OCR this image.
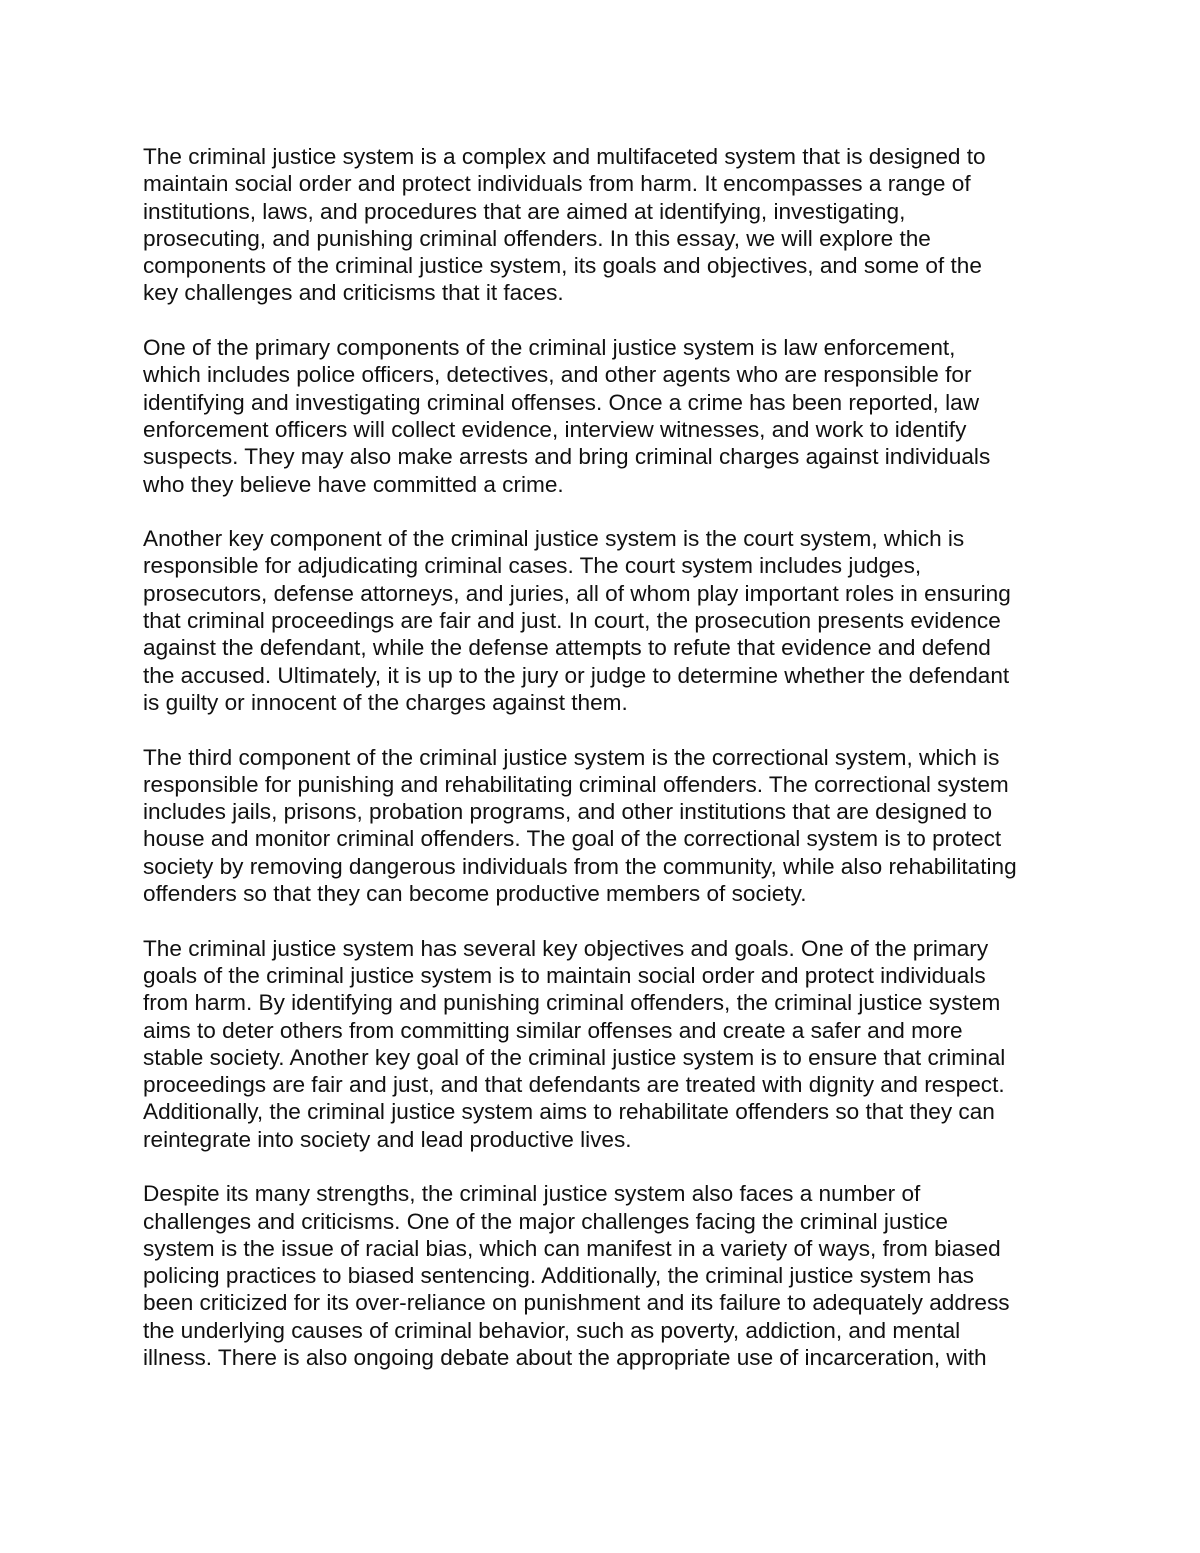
The criminal justice system is a complex and multifaceted system that is designed to
maintain social order and protect individuals from harm. It encompasses a range of
institutions, laws, and procedures that are aimed at identifying, investigating,
prosecuting, and punishing criminal offenders. In this essay, we will explore the
components of the criminal justice system, its goals and objectives, and some of the
key challenges and criticisms that it faces.

One of the primary components of the criminal justice system is law enforcement,
which includes police officers, detectives, and other agents who are responsible for
identifying and investigating criminal offenses. Once a crime has been reported, law
enforcement officers will collect evidence, interview witnesses, and work to identify
suspects. They may also make arrests and bring criminal charges against individuals
who they believe have committed a crime.

Another key component of the criminal justice system is the court system, which is
responsible for adjudicating criminal cases. The court system includes judges,
prosecutors, defense attorneys, and juries, all of whom play important roles in ensuring
that criminal proceedings are fair and just. In court, the prosecution presents evidence
against the defendant, while the defense attempts to refute that evidence and defend
the accused. Ultimately, it is up to the jury or judge to determine whether the defendant
is guilty or innocent of the charges against them.

The third component of the criminal justice system is the correctional system, which is
responsible for punishing and rehabilitating criminal offenders. The correctional system
includes jails, prisons, probation programs, and other institutions that are designed to
house and monitor criminal offenders. The goal of the correctional system is to protect
society by removing dangerous individuals from the community, while also rehabilitating
offenders so that they can become productive members of society.

The criminal justice system has several key objectives and goals. One of the primary
goals of the criminal justice system is to maintain social order and protect individuals
from harm. By identifying and punishing criminal offenders, the criminal justice system
aims to deter others from committing similar offenses and create a safer and more
stable society. Another key goal of the criminal justice system is to ensure that criminal
proceedings are fair and just, and that defendants are treated with dignity and respect.
Additionally, the criminal justice system aims to rehabilitate offenders so that they can
reintegrate into society and lead productive lives.

Despite its many strengths, the criminal justice system also faces a number of
challenges and criticisms. One of the major challenges facing the criminal justice
system is the issue of racial bias, which can manifest in a variety of ways, from biased
policing practices to biased sentencing. Additionally, the criminal justice system has
been criticized for its over-reliance on punishment and its failure to adequately address
the underlying causes of criminal behavior, such as poverty, addiction, and mental
illness. There is also ongoing debate about the appropriate use of incarceration, with
